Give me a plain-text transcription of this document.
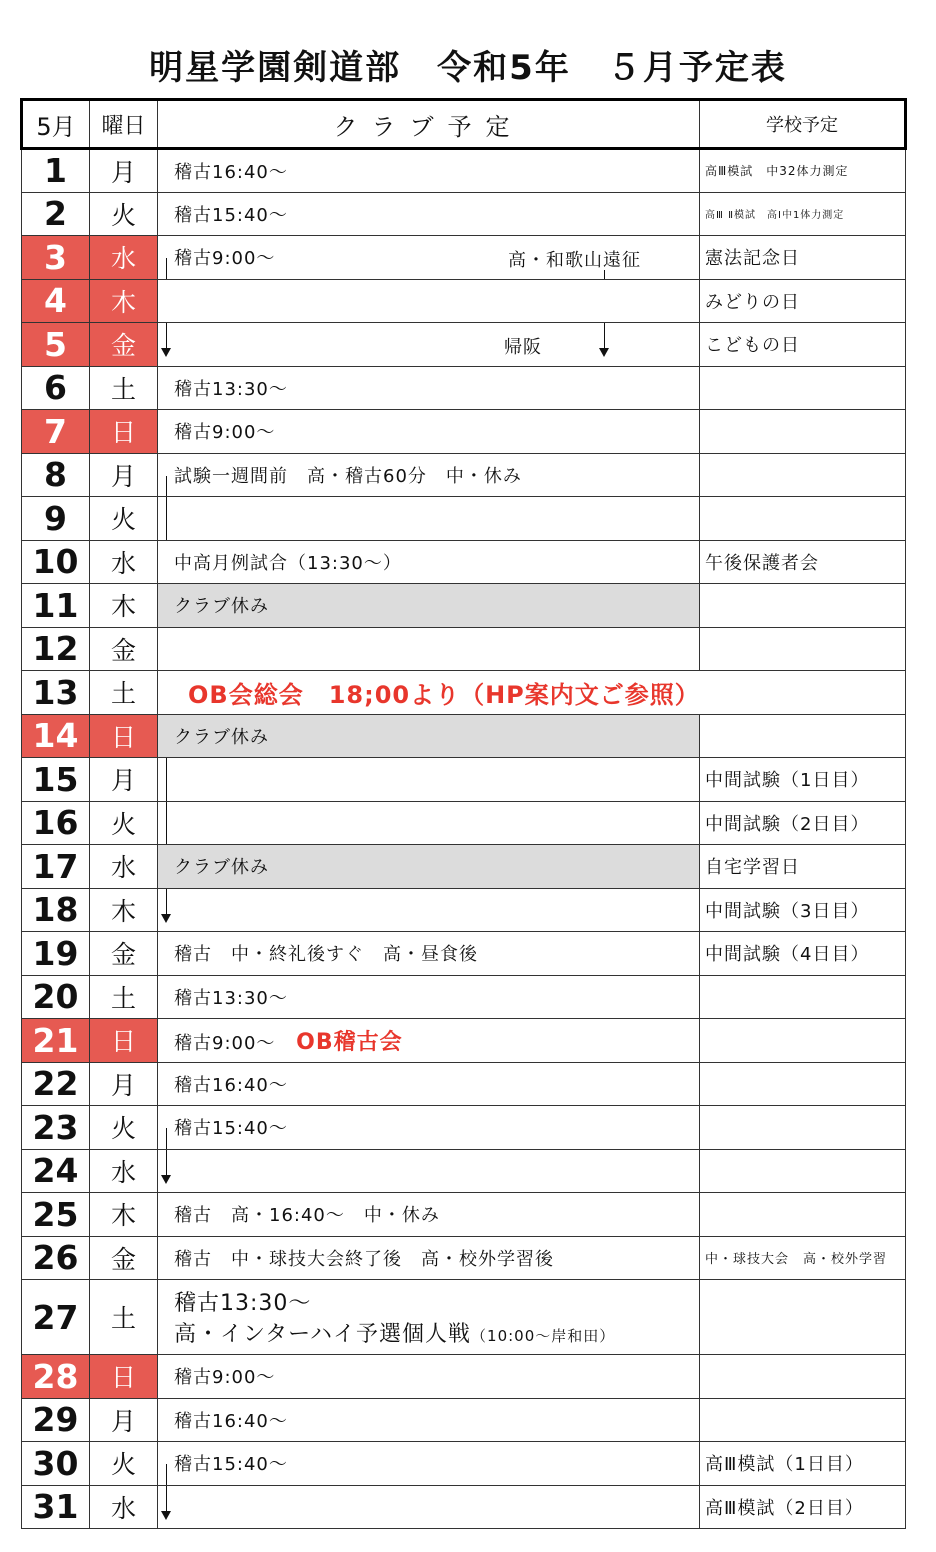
明星学園剣道部　令和5年　５月予定表
5月	曜日	クラブ予定	学校予定
1	月	稽古16:40～	高Ⅲ模試　中32体力測定
2	火	稽古15:40～	高Ⅲ Ⅱ模試　高Ⅰ中1体力測定
3	水	稽古9:00～ 高・和歌山遠征	憲法記念日
4	木		みどりの日
5	金	帰阪	こどもの日
6	土	稽古13:30～	
7	日	稽古9:00～	
8	月	試験一週間前　高・稽古60分　中・休み

9	火	

10	水	中高月例試合（13:30～）	午後保護者会
11	木	クラブ休み	
12	金		
13	土	OB会総会　18;00より（HP案内文ご参照）	
14	日	クラブ休み	
15	月		中間試験（1日目）
16	火		中間試験（2日目）
17	水	クラブ休み	自宅学習日
18	木		中間試験（3日目）
19	金	稽古　中・終礼後すぐ　高・昼食後	中間試験（4日目）
20	土	稽古13:30～	
21	日	稽古9:00～ OB稽古会	
22	月	稽古16:40～	
23	火	稽古15:40～

24	水	

25	木	稽古　高・16:40～　中・休み	
26	金	稽古　中・球技大会終了後　高・校外学習後	中・球技大会　高・校外学習
27	土	稽古13:30～
高・インターハイ予選個人戦（10:00～岸和田）	

28	日	稽古9:00～	
29	月	稽古16:40～	
30	火	稽古15:40～	高Ⅲ模試（1日目）
31	水		高Ⅲ模試（2日目）
